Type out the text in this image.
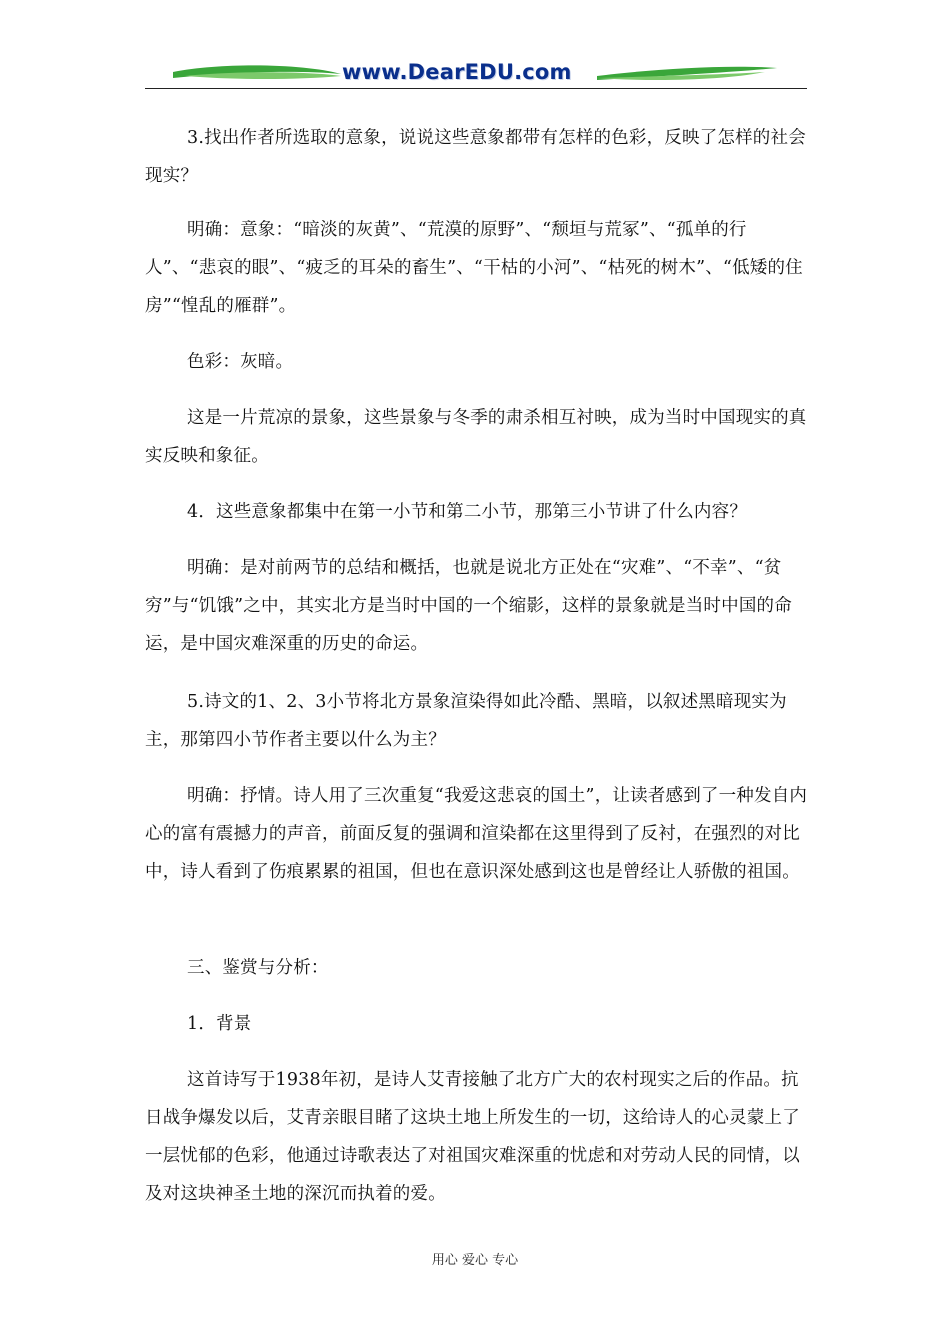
www.DearEDU.com

3.找出作者所选取的意象，说说这些意象都带有怎样的色彩，反映了怎样的社会现实？

明确：意象：“暗淡的灰黄”、“荒漠的原野”、“颓垣与荒冢”、“孤单的行人”、“悲哀的眼”、“疲乏的耳朵的畜生”、“干枯的小河”、“枯死的树木”、“低矮的住房”“惶乱的雁群”。

色彩：灰暗。

这是一片荒凉的景象，这些景象与冬季的肃杀相互衬映，成为当时中国现实的真实反映和象征。

4．这些意象都集中在第一小节和第二小节，那第三小节讲了什么内容？

明确：是对前两节的总结和概括，也就是说北方正处在“灾难”、“不幸”、“贫穷”与“饥饿”之中，其实北方是当时中国的一个缩影，这样的景象就是当时中国的命运，是中国灾难深重的历史的命运。

5.诗文的1、2、3小节将北方景象渲染得如此冷酷、黑暗，以叙述黑暗现实为主，那第四小节作者主要以什么为主？

明确：抒情。诗人用了三次重复“我爱这悲哀的国土”，让读者感到了一种发自内心的富有震撼力的声音，前面反复的强调和渲染都在这里得到了反衬，在强烈的对比中，诗人看到了伤痕累累的祖国，但也在意识深处感到这也是曾经让人骄傲的祖国。

三、鉴赏与分析：

1．背景

这首诗写于1938年初，是诗人艾青接触了北方广大的农村现实之后的作品。抗日战争爆发以后，艾青亲眼目睹了这块土地上所发生的一切，这给诗人的心灵蒙上了一层忧郁的色彩，他通过诗歌表达了对祖国灾难深重的忧虑和对劳动人民的同情，以及对这块神圣土地的深沉而执着的爱。

用心 爱心 专心
